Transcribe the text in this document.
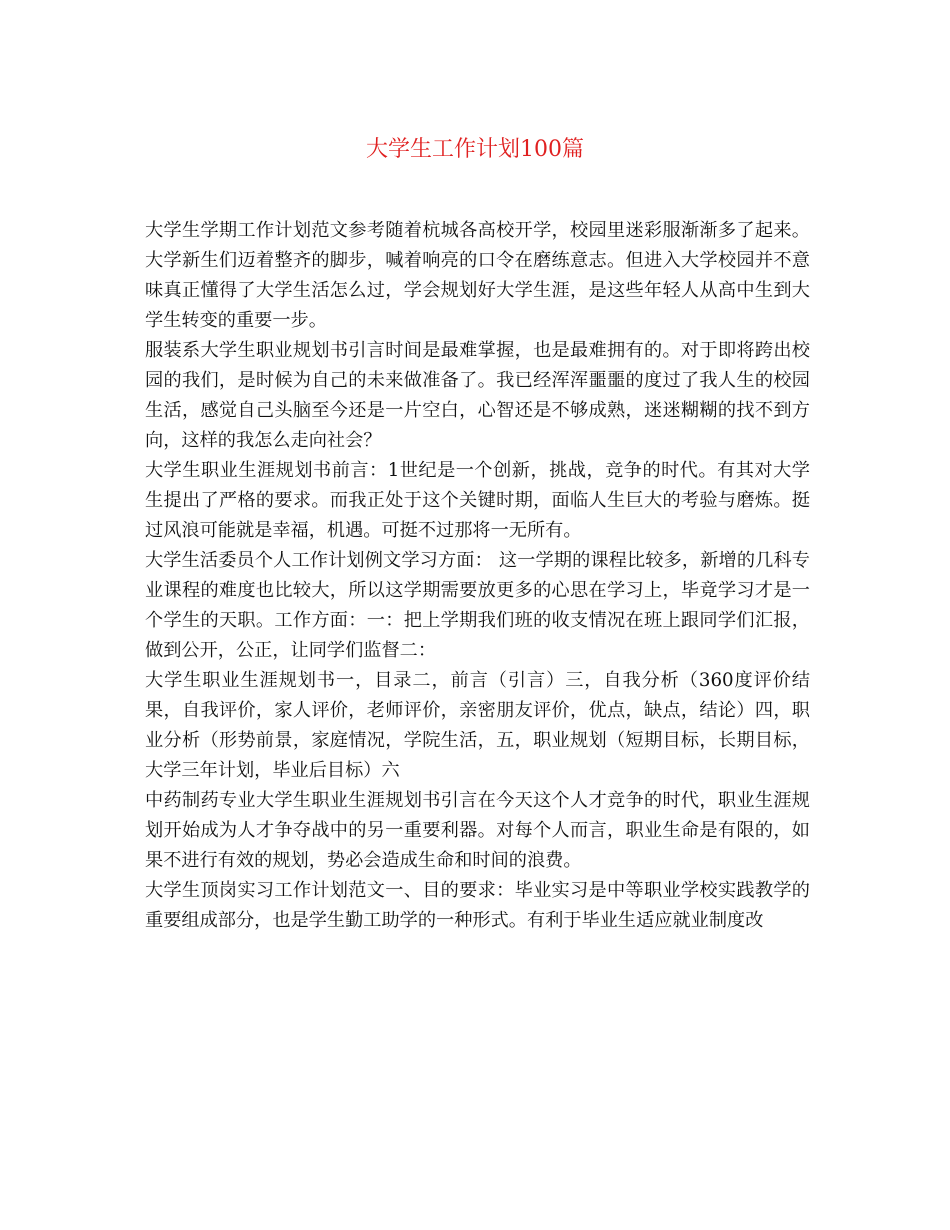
大学生工作计划100篇

大学生学期工作计划范文参考随着杭城各高校开学，校园里迷彩服渐渐多了起来。大学新生们迈着整齐的脚步，喊着响亮的口令在磨练意志。但进入大学校园并不意味真正懂得了大学生活怎么过，学会规划好大学生涯，是这些年轻人从高中生到大学生转变的重要一步。

服装系大学生职业规划书引言时间是最难掌握，也是最难拥有的。对于即将跨出校园的我们，是时候为自己的未来做准备了。我已经浑浑噩噩的度过了我人生的校园生活，感觉自己头脑至今还是一片空白，心智还是不够成熟，迷迷糊糊的找不到方向，这样的我怎么走向社会？

大学生职业生涯规划书前言：1世纪是一个创新，挑战，竞争的时代。有其对大学生提出了严格的要求。而我正处于这个关键时期，面临人生巨大的考验与磨炼。挺过风浪可能就是幸福，机遇。可挺不过那将一无所有。

大学生活委员个人工作计划例文学习方面： 这一学期的课程比较多，新增的几科专业课程的难度也比较大，所以这学期需要放更多的心思在学习上，毕竟学习才是一个学生的天职。工作方面：一：把上学期我们班的收支情况在班上跟同学们汇报，做到公开，公正，让同学们监督二：

大学生职业生涯规划书一，目录二，前言（引言）三，自我分析（360度评价结果，自我评价，家人评价，老师评价，亲密朋友评价，优点，缺点，结论）四，职业分析（形势前景，家庭情况，学院生活，五，职业规划（短期目标，长期目标，大学三年计划，毕业后目标）六

中药制药专业大学生职业生涯规划书引言在今天这个人才竞争的时代，职业生涯规划开始成为人才争夺战中的另一重要利器。对每个人而言，职业生命是有限的，如果不进行有效的规划，势必会造成生命和时间的浪费。

大学生顶岗实习工作计划范文一、目的要求：毕业实习是中等职业学校实践教学的重要组成部分，也是学生勤工助学的一种形式。有利于毕业生适应就业制度改
